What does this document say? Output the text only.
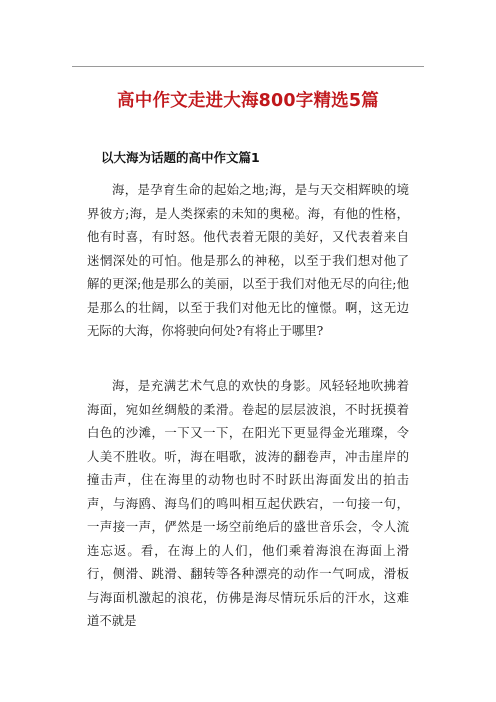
高中作文走进大海800字精选5篇
以大海为话题的高中作文篇1

海，是孕育生命的起始之地;海，是与天交相辉映的境界彼方;海，是人类探索的未知的奥秘。海，有他的性格，他有时喜，有时怒。他代表着无限的美好，又代表着来自迷惘深处的可怕。他是那么的神秘，以至于我们想对他了解的更深;他是那么的美丽，以至于我们对他无尽的向往;他是那么的壮阔，以至于我们对他无比的憧憬。啊，这无边无际的大海，你将驶向何处?有将止于哪里?

海，是充满艺术气息的欢快的身影。风轻轻地吹拂着海面，宛如丝绸般的柔滑。卷起的层层波浪，不时抚摸着白色的沙滩，一下又一下，在阳光下更显得金光璀璨，令人美不胜收。听，海在唱歌，波涛的翻卷声，冲击崖岸的撞击声，住在海里的动物也时不时跃出海面发出的拍击声，与海鸥、海鸟们的鸣叫相互起伏跌宕，一句接一句，一声接一声，俨然是一场空前绝后的盛世音乐会，令人流连忘返。看，在海上的人们，他们乘着海浪在海面上滑行，侧滑、跳滑、翻转等各种漂亮的动作一气呵成，滑板与海面机激起的浪花，仿佛是海尽情玩乐后的汗水，这难道不就是
